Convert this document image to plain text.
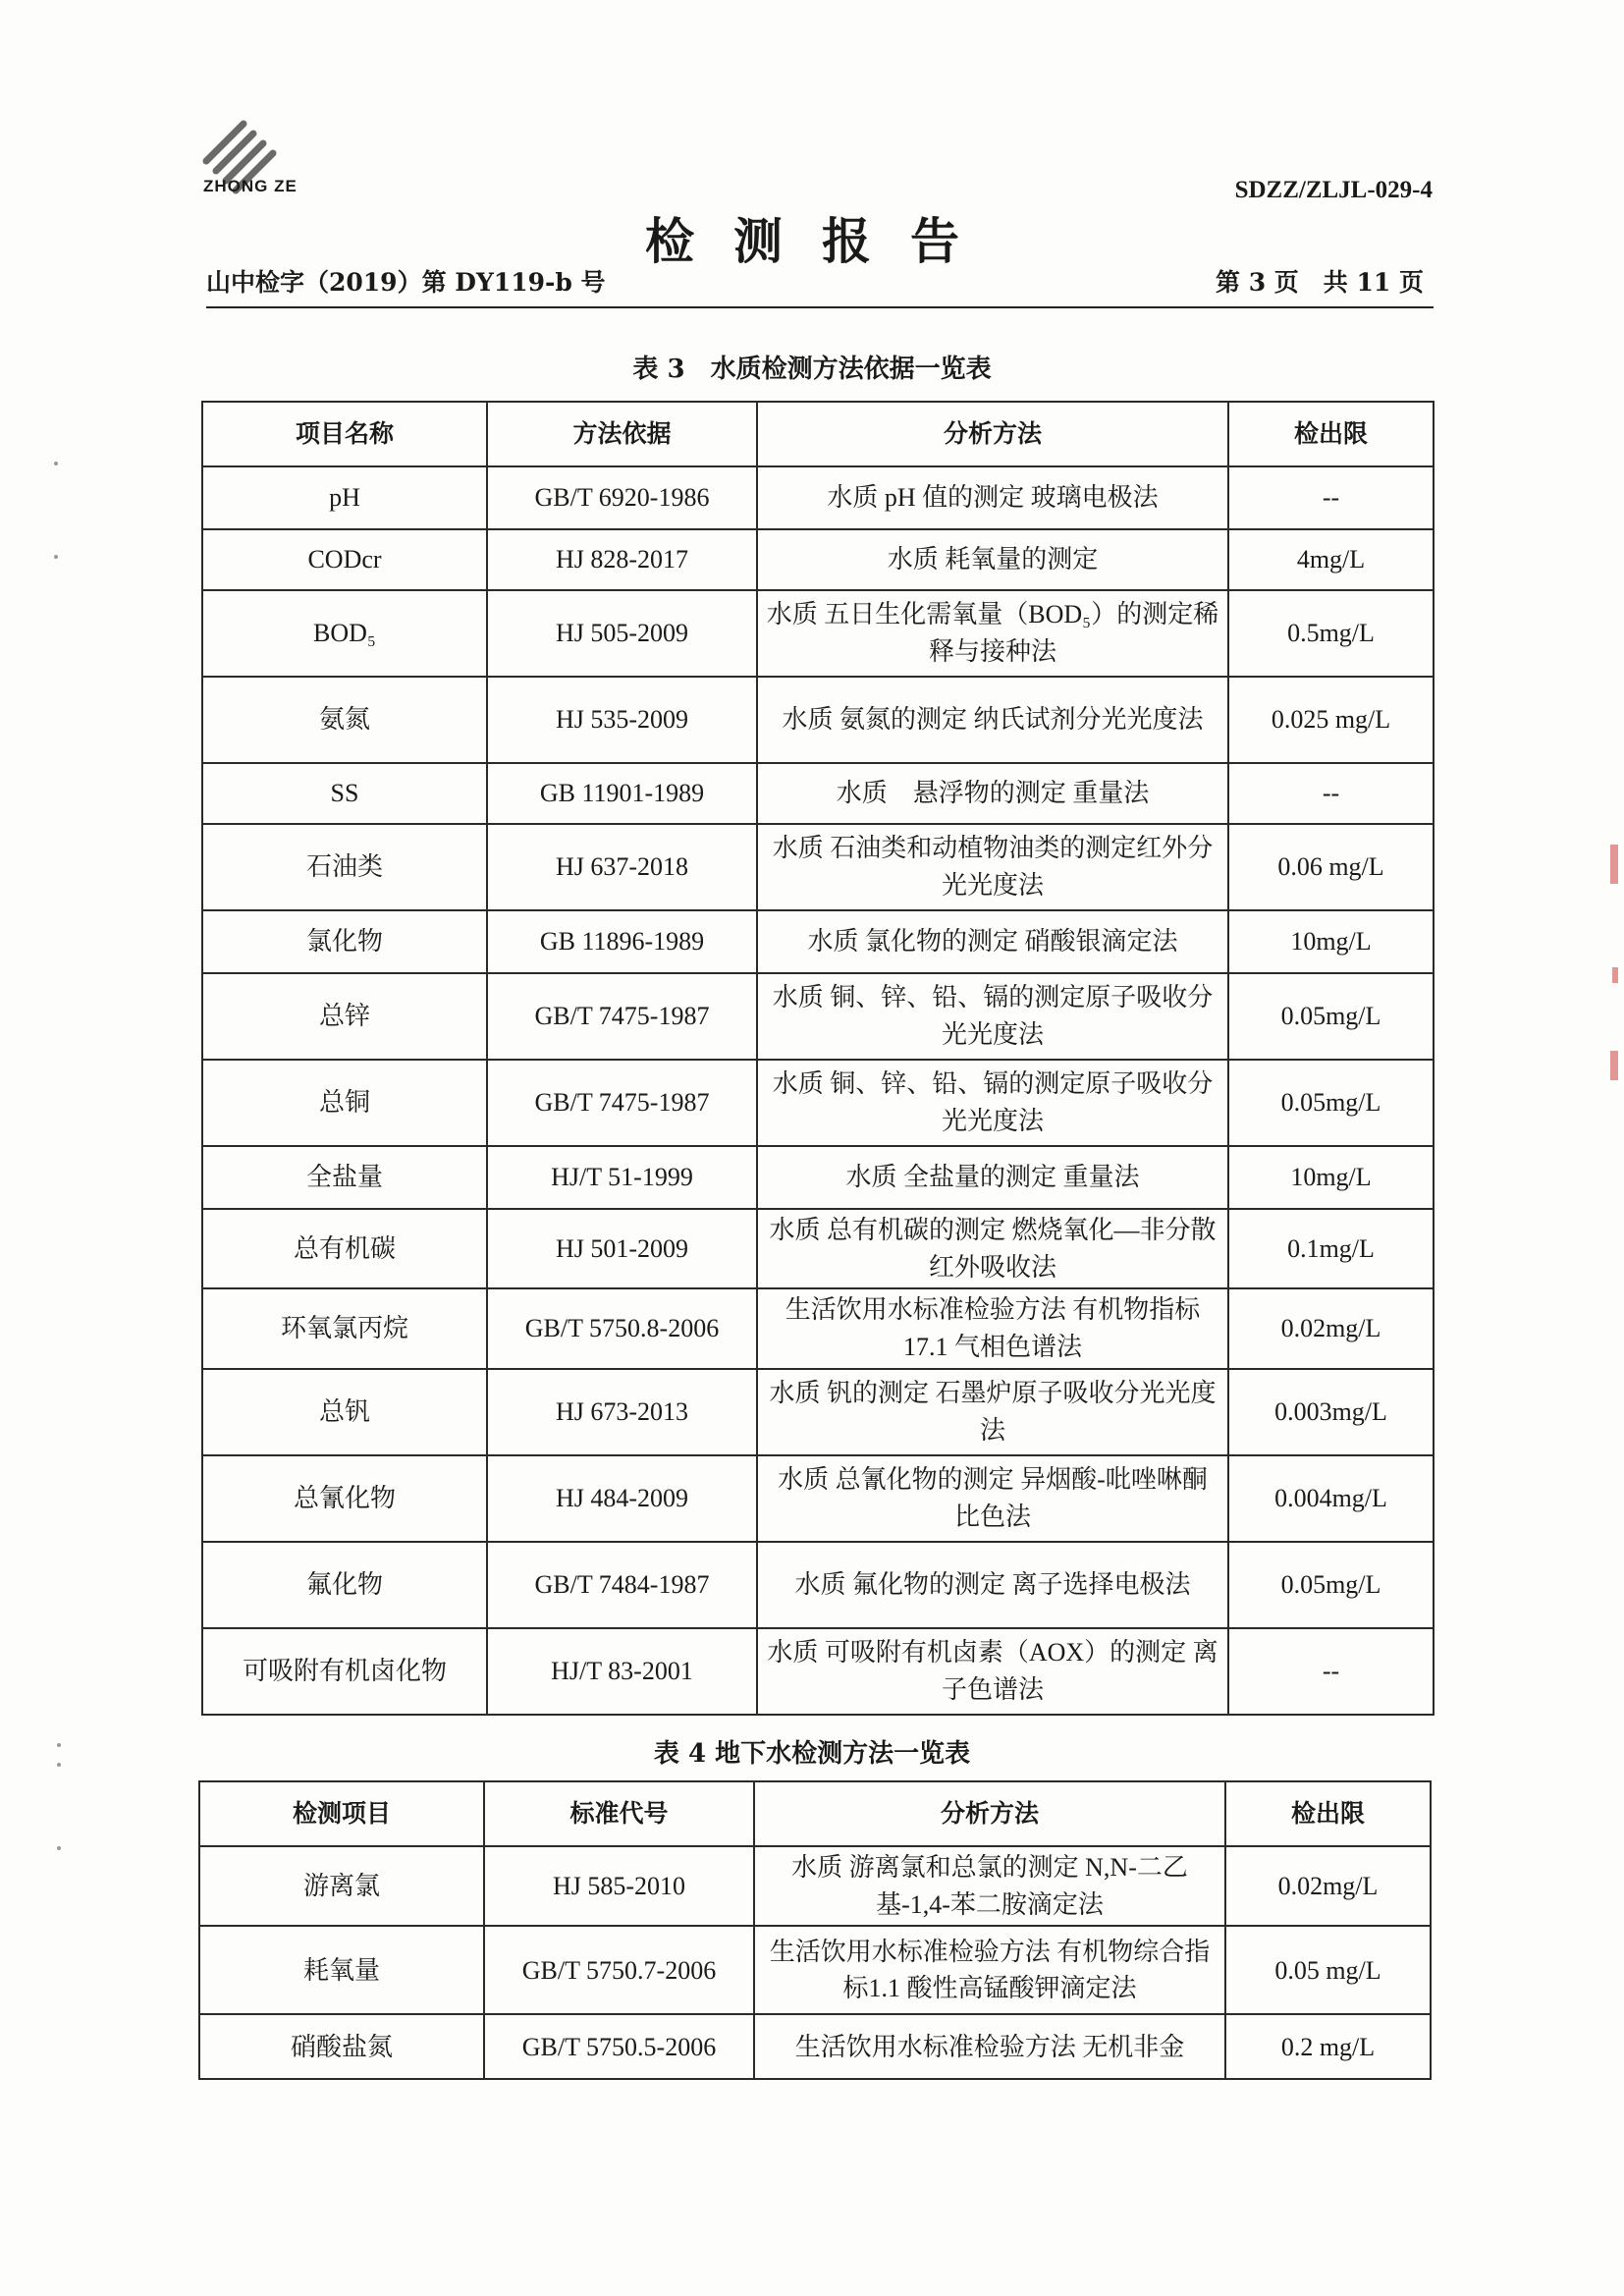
ZHONG ZE	SDZZ/ZLJL-029-4
检测报告
山中检字（2019）第 DY119-b 号	第 3 页　共 11 页
表 3　水质检测方法依据一览表
项目名称	方法依据	分析方法	检出限
pH	GB/T 6920-1986	水质 pH 值的测定 玻璃电极法	--
CODcr	HJ 828-2017	水质 耗氧量的测定	4mg/L
BOD₅	HJ 505-2009	水质 五日生化需氧量（BOD₅）的测定稀释与接种法	0.5mg/L
氨氮	HJ 535-2009	水质 氨氮的测定 纳氏试剂分光光度法	0.025 mg/L
SS	GB 11901-1989	水质　悬浮物的测定 重量法	--
石油类	HJ 637-2018	水质 石油类和动植物油类的测定红外分光光度法	0.06 mg/L
氯化物	GB 11896-1989	水质 氯化物的测定 硝酸银滴定法	10mg/L
总锌	GB/T 7475-1987	水质 铜、锌、铅、镉的测定原子吸收分光光度法	0.05mg/L
总铜	GB/T 7475-1987	水质 铜、锌、铅、镉的测定原子吸收分光光度法	0.05mg/L
全盐量	HJ/T 51-1999	水质 全盐量的测定 重量法	10mg/L
总有机碳	HJ 501-2009	水质 总有机碳的测定 燃烧氧化—非分散红外吸收法	0.1mg/L
环氧氯丙烷	GB/T 5750.8-2006	生活饮用水标准检验方法 有机物指标 17.1 气相色谱法	0.02mg/L
总钒	HJ 673-2013	水质 钒的测定 石墨炉原子吸收分光光度法	0.003mg/L
总氰化物	HJ 484-2009	水质 总氰化物的测定 异烟酸-吡唑啉酮比色法	0.004mg/L
氟化物	GB/T 7484-1987	水质 氟化物的测定 离子选择电极法	0.05mg/L
可吸附有机卤化物	HJ/T 83-2001	水质 可吸附有机卤素（AOX）的测定 离子色谱法	--
表 4 地下水检测方法一览表
检测项目	标准代号	分析方法	检出限
游离氯	HJ 585-2010	水质 游离氯和总氯的测定 N,N-二乙基-1,4-苯二胺滴定法	0.02mg/L
耗氧量	GB/T 5750.7-2006	生活饮用水标准检验方法 有机物综合指标1.1 酸性高锰酸钾滴定法	0.05 mg/L
硝酸盐氮	GB/T 5750.5-2006	生活饮用水标准检验方法 无机非金	0.2 mg/L
